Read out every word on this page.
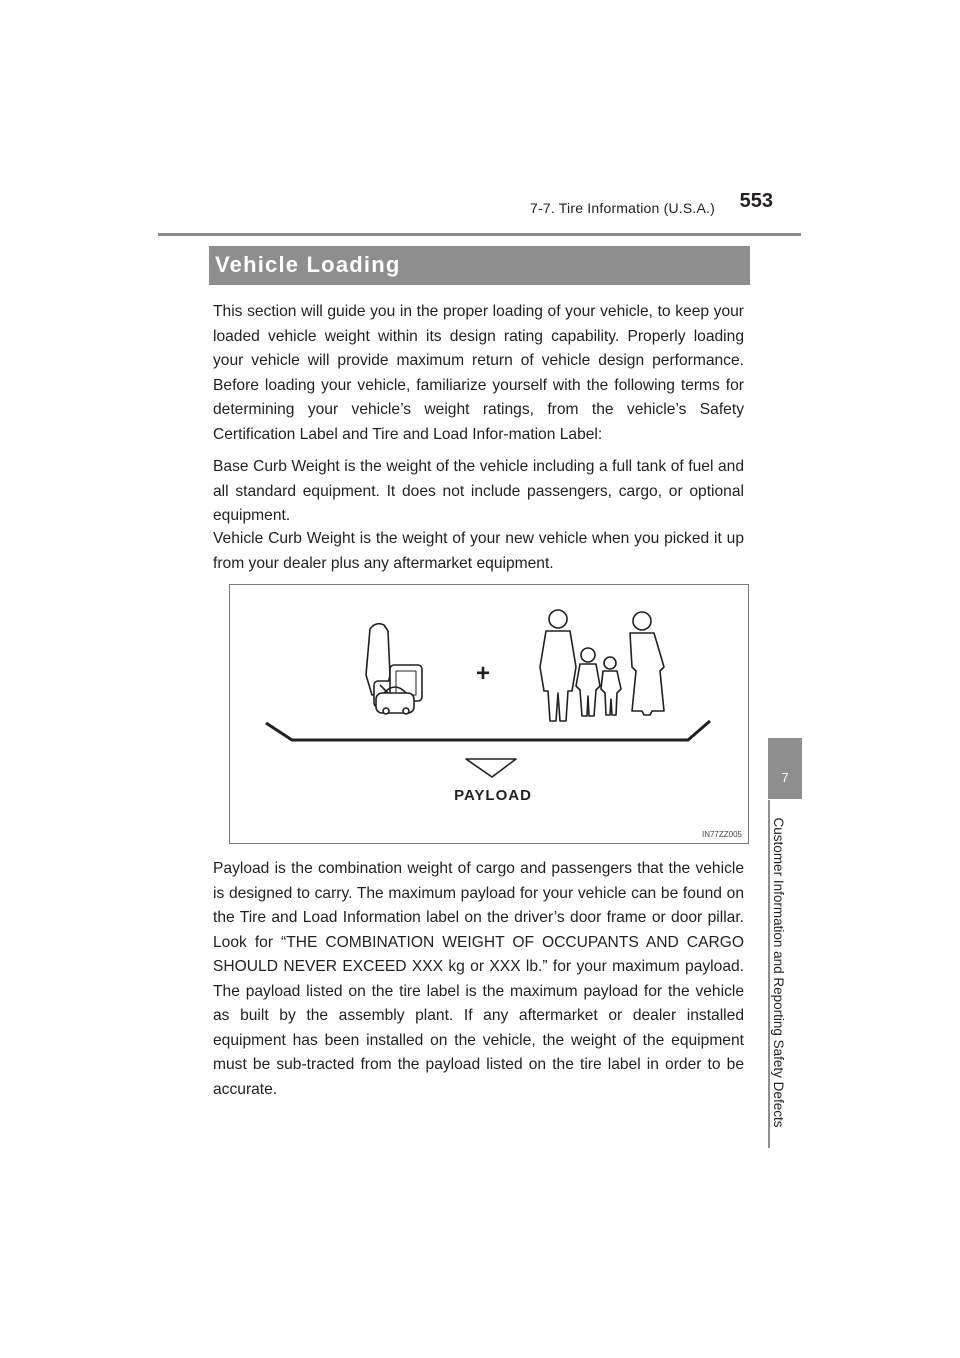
7-7. Tire Information (U.S.A.)	553
Vehicle Loading

This section will guide you in the proper loading of your vehicle, to keep your loaded vehicle weight within its design rating capability. Properly loading your vehicle will provide maximum return of vehicle design performance. Before loading your vehicle, familiarize yourself with the following terms for determining your vehicle’s weight ratings, from the vehicle’s Safety Certification Label and Tire and Load Infor-mation Label:

Base Curb Weight is the weight of the vehicle including a full tank of fuel and all standard equipment. It does not include passengers, cargo, or optional equipment.

Vehicle Curb Weight is the weight of your new vehicle when you picked it up from your dealer plus any aftermarket equipment.

+
PAYLOAD
IN77ZZ005

Payload is the combination weight of cargo and passengers that the vehicle is designed to carry. The maximum payload for your vehicle can be found on the Tire and Load Information label on the driver’s door frame or door pillar. Look for “THE COMBINATION WEIGHT OF OCCUPANTS AND CARGO SHOULD NEVER EXCEED XXX kg or XXX lb.” for your maximum payload. The payload listed on the tire label is the maximum payload for the vehicle as built by the assembly plant. If any aftermarket or dealer installed equipment has been installed on the vehicle, the weight of the equipment must be sub-tracted from the payload listed on the tire label in order to be accurate.

7
Customer Information and Reporting Safety Defects
